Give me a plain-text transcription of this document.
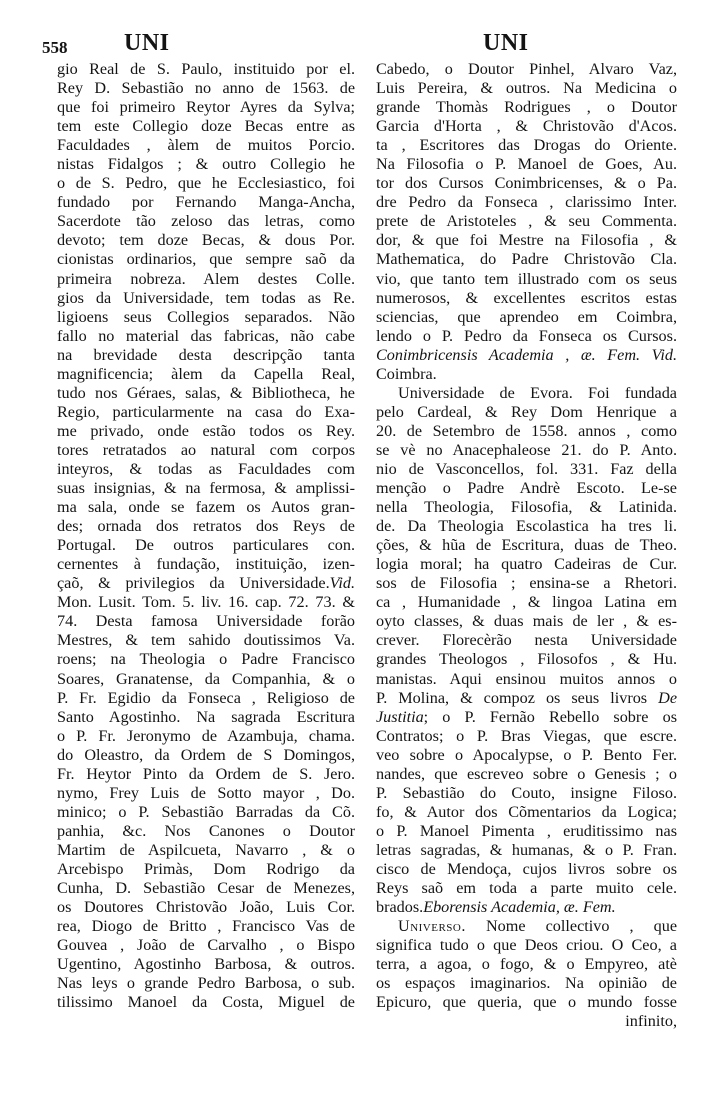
558 UNI	UNI
gio Real de S. Paulo, instituido por el.
Rey D. Sebastião no anno de 1563. de
que foi primeiro Reytor Ayres da Sylva;
tem este Collegio doze Becas entre as
Faculdades , àlem de muitos Porcio.
nistas Fidalgos ; & outro Collegio he
o de S. Pedro, que he Ecclesiastico, foi
fundado por Fernando Manga-Ancha,
Sacerdote tão zeloso das letras, como
devoto; tem doze Becas, & dous Por.
cionistas ordinarios, que sempre saõ da
primeira nobreza. Alem destes Colle.
gios da Universidade, tem todas as Re.
ligioens seus Collegios separados. Não
fallo no material das fabricas, não cabe
na brevidade desta descripção tanta
magnificencia; àlem da Capella Real,
tudo nos Géraes, salas, & Bibliotheca, he
Regio, particularmente na casa do Exa-
me privado, onde estão todos os Rey.
tores retratados ao natural com corpos
inteyros, & todas as Faculdades com
suas insignias, & na fermosa, & amplissi-
ma sala, onde se fazem os Autos gran-
des; ornada dos retratos dos Reys de
Portugal. De outros particulares con.
cernentes à fundação, instituição, izen-
çaõ, & privilegios da Universidade.Vid.
Mon. Lusit. Tom. 5. liv. 16. cap. 72. 73. &
74. Desta famosa Universidade forão
Mestres, & tem sahido doutissimos Va.
roens; na Theologia o Padre Francisco
Soares, Granatense, da Companhia, & o
P. Fr. Egidio da Fonseca , Religioso de
Santo Agostinho. Na sagrada Escritura
o P. Fr. Jeronymo de Azambuja, chama.
do Oleastro, da Ordem de S Domingos,
Fr. Heytor Pinto da Ordem de S. Jero.
nymo, Frey Luis de Sotto mayor , Do.
minico; o P. Sebastião Barradas da Cõ.
panhia, &c. Nos Canones o Doutor
Martim de Aspilcueta, Navarro , & o
Arcebispo Primàs, Dom Rodrigo da
Cunha, D. Sebastião Cesar de Menezes,
os Doutores Christovão João, Luis Cor.
rea, Diogo de Britto , Francisco Vas de
Gouvea , João de Carvalho , o Bispo
Ugentino, Agostinho Barbosa, & outros.
Nas leys o grande Pedro Barbosa, o sub.
tilissimo Manoel da Costa, Miguel de
Cabedo, o Doutor Pinhel, Alvaro Vaz,
Luis Pereira, & outros. Na Medicina o
grande Thomàs Rodrigues , o Doutor
Garcia d'Horta , & Christovão d'Acos.
ta , Escritores das Drogas do Oriente.
Na Filosofia o P. Manoel de Goes, Au.
tor dos Cursos Conimbricenses, & o Pa.
dre Pedro da Fonseca , clarissimo Inter.
prete de Aristoteles , & seu Commenta.
dor, & que foi Mestre na Filosofia , &
Mathematica, do Padre Christovão Cla.
vio, que tanto tem illustrado com os seus
numerosos, & excellentes escritos estas
sciencias, que aprendeo em Coimbra,
lendo o P. Pedro da Fonseca os Cursos.
Conimbricensis Academia , æ. Fem. Vid.
Coimbra.
Universidade de Evora. Foi fundada
pelo Cardeal, & Rey Dom Henrique a
20. de Setembro de 1558. annos , como
se vè no Anacephaleose 21. do P. Anto.
nio de Vasconcellos, fol. 331. Faz della
menção o Padre Andrè Escoto. Le-se
nella Theologia, Filosofia, & Latinida.
de. Da Theologia Escolastica ha tres li.
ções, & hũa de Escritura, duas de Theo.
logia moral; ha quatro Cadeiras de Cur.
sos de Filosofia ; ensina-se a Rhetori.
ca , Humanidade , & lingoa Latina em
oyto classes, & duas mais de ler , & es-
crever. Florecèrão nesta Universidade
grandes Theologos , Filosofos , & Hu.
manistas. Aqui ensinou muitos annos o
P. Molina, & compoz os seus livros De
Justitia; o P. Fernão Rebello sobre os
Contratos; o P. Bras Viegas, que escre.
veo sobre o Apocalypse, o P. Bento Fer.
nandes, que escreveo sobre o Genesis ; o
P. Sebastião do Couto, insigne Filoso.
fo, & Autor dos Cõmentarios da Logica;
o P. Manoel Pimenta , eruditissimo nas
letras sagradas, & humanas, & o P. Fran.
cisco de Mendoça, cujos livros sobre os
Reys saõ em toda a parte muito cele.
brados.Eborensis Academia, æ. Fem.
Universo. Nome collectivo , que
significa tudo o que Deos criou. O Ceo, a
terra, a agoa, o fogo, & o Empyreo, atè
os espaços imaginarios. Na opinião de
Epicuro, que queria, que o mundo fosse
infinito,
